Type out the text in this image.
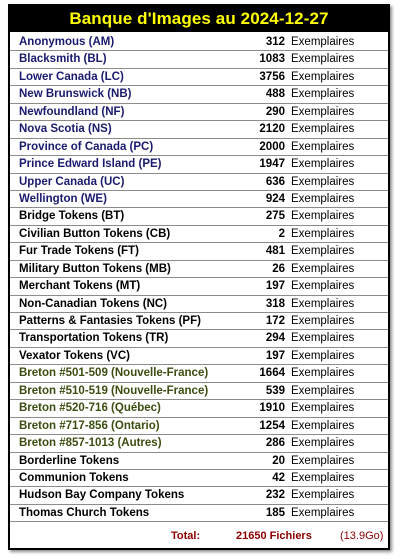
Banque d'Images au 2024-12-27
Anonymous (AM)	312 Exemplaires
Blacksmith (BL)	1083 Exemplaires
Lower Canada (LC)	3756 Exemplaires
New Brunswick (NB)	488 Exemplaires
Newfoundland (NF)	290 Exemplaires
Nova Scotia (NS)	2120 Exemplaires
Province of Canada (PC)	2000 Exemplaires
Prince Edward Island (PE)	1947 Exemplaires
Upper Canada (UC)	636 Exemplaires
Wellington (WE)	924 Exemplaires
Bridge Tokens (BT)	275 Exemplaires
Civilian Button Tokens (CB)	2 Exemplaires
Fur Trade Tokens (FT)	481 Exemplaires
Military Button Tokens (MB)	26 Exemplaires
Merchant Tokens (MT)	197 Exemplaires
Non-Canadian Tokens (NC)	318 Exemplaires
Patterns & Fantasies Tokens (PF)	172 Exemplaires
Transportation Tokens (TR)	294 Exemplaires
Vexator Tokens (VC)	197 Exemplaires
Breton #501-509 (Nouvelle-France)	1664 Exemplaires
Breton #510-519 (Nouvelle-France)	539 Exemplaires
Breton #520-716 (Québec)	1910 Exemplaires
Breton #717-856 (Ontario)	1254 Exemplaires
Breton #857-1013 (Autres)	286 Exemplaires
Borderline Tokens	20 Exemplaires
Communion Tokens	42 Exemplaires
Hudson Bay Company Tokens	232 Exemplaires
Thomas Church Tokens	185 Exemplaires
Total:	21650 Fichiers	(13.9Go)
